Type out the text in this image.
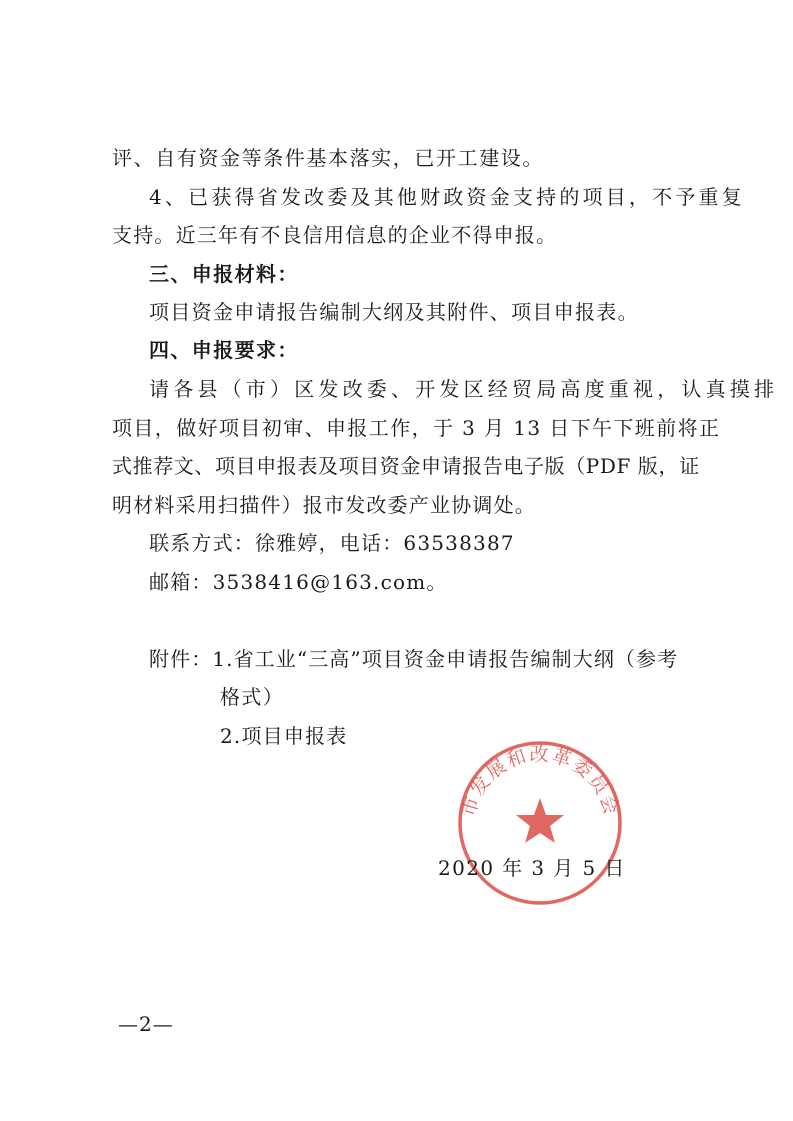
评、自有资金等条件基本落实，已开工建设。
4、已获得省发改委及其他财政资金支持的项目，不予重复
支持。近三年有不良信用信息的企业不得申报。
三、申报材料：
项目资金申请报告编制大纲及其附件、项目申报表。
四、申报要求：
请各县（市）区发改委、开发区经贸局高度重视，认真摸排
项目，做好项目初审、申报工作，于 3 月 13 日下午下班前将正
式推荐文、项目申报表及项目资金申请报告电子版（PDF 版，证
明材料采用扫描件）报市发改委产业协调处。
联系方式：徐雅婷，电话：63538387
邮箱：3538416@163.com。
附件：1.省工业“三高”项目资金申请报告编制大纲（参考
格式）
2.项目申报表
市发展和改革委员会
2020 年 3 月 5 日
—2—
